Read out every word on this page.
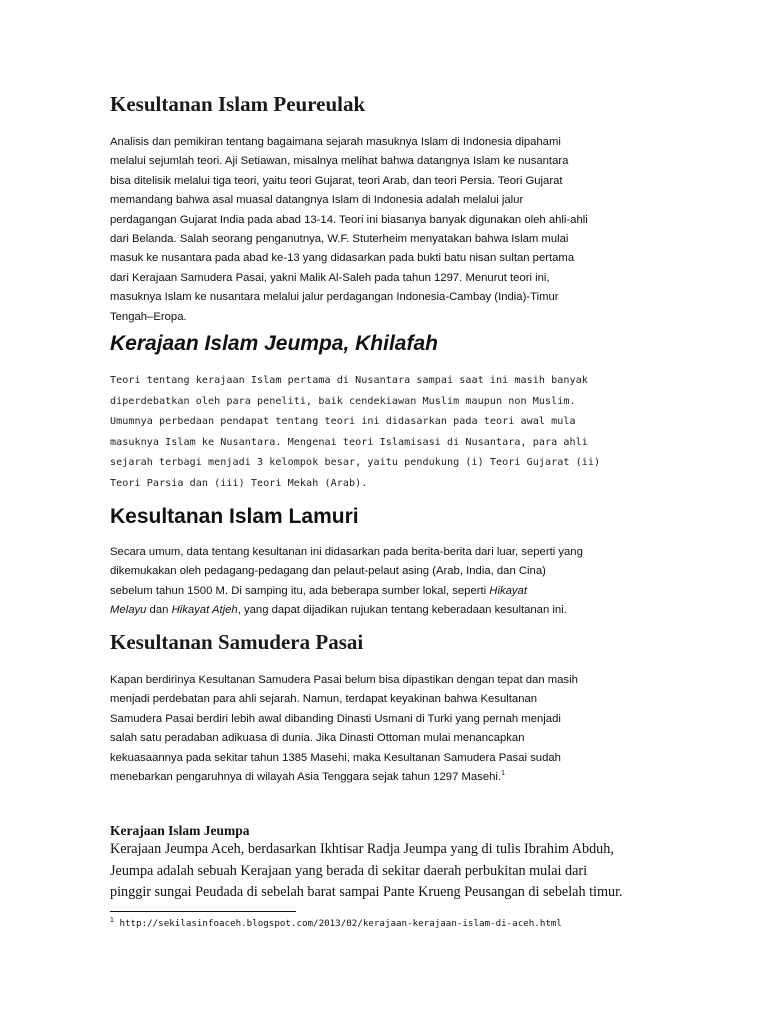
Kesultanan Islam Peureulak

Analisis dan pemikiran tentang bagaimana sejarah masuknya Islam di Indonesia dipahami
melalui sejumlah teori. Aji Setiawan, misalnya melihat bahwa datangnya Islam ke nusantara
bisa ditelisik melalui tiga teori, yaitu teori Gujarat, teori Arab, dan teori Persia. Teori Gujarat
memandang bahwa asal muasal datangnya Islam di Indonesia adalah melalui jalur
perdagangan Gujarat India pada abad 13-14. Teori ini biasanya banyak digunakan oleh ahli-ahli
dari Belanda. Salah seorang penganutnya, W.F. Stuterheim menyatakan bahwa Islam mulai
masuk ke nusantara pada abad ke-13 yang didasarkan pada bukti batu nisan sultan pertama
dari Kerajaan Samudera Pasai, yakni Malik Al-Saleh pada tahun 1297. Menurut teori ini,
masuknya Islam ke nusantara melalui jalur perdagangan Indonesia-Cambay (India)-Timur
Tengah–Eropa.

Kerajaan Islam Jeumpa, Khilafah

Teori tentang kerajaan Islam pertama di Nusantara sampai saat ini masih banyak
diperdebatkan oleh para peneliti, baik cendekiawan Muslim maupun non Muslim.
Umumnya perbedaan pendapat tentang teori ini didasarkan pada teori awal mula
masuknya Islam ke Nusantara. Mengenai teori Islamisasi di Nusantara, para ahli
sejarah terbagi menjadi 3 kelompok besar, yaitu pendukung (i) Teori Gujarat (ii)
Teori Parsia dan (iii) Teori Mekah (Arab).

Kesultanan Islam Lamuri

Secara umum, data tentang kesultanan ini didasarkan pada berita-berita dari luar, seperti yang
dikemukakan oleh pedagang-pedagang dan pelaut-pelaut asing (Arab, India, dan Cina)
sebelum tahun 1500 M. Di samping itu, ada beberapa sumber lokal, seperti Hikayat
Melayu dan Hikayat Atjeh, yang dapat dijadikan rujukan tentang keberadaan kesultanan ini.

Kesultanan Samudera Pasai

Kapan berdirinya Kesultanan Samudera Pasai belum bisa dipastikan dengan tepat dan masih
menjadi perdebatan para ahli sejarah. Namun, terdapat keyakinan bahwa Kesultanan
Samudera Pasai berdiri lebih awal dibanding Dinasti Usmani di Turki yang pernah menjadi
salah satu peradaban adikuasa di dunia. Jika Dinasti Ottoman mulai menancapkan
kekuasaannya pada sekitar tahun 1385 Masehi, maka Kesultanan Samudera Pasai sudah
menebarkan pengaruhnya di wilayah Asia Tenggara sejak tahun 1297 Masehi.$^1$

Kerajaan Islam Jeumpa

Kerajaan Jeumpa Aceh, berdasarkan Ikhtisar Radja Jeumpa yang di tulis Ibrahim Abduh,
Jeumpa adalah sebuah Kerajaan yang berada di sekitar daerah perbukitan mulai dari
pinggir sungai Peudada di sebelah barat sampai Pante Krueng Peusangan di sebelah timur.

$^1$ http://sekilasinfoaceh.blogspot.com/2013/02/kerajaan-kerajaan-islam-di-aceh.html
